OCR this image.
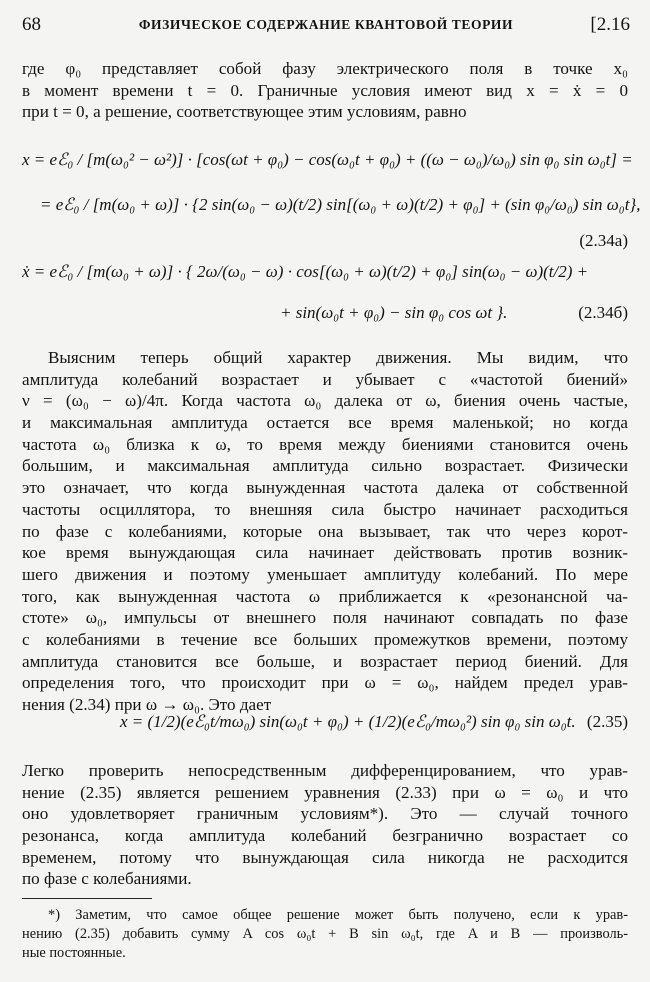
68	ФИЗИЧЕСКОЕ СОДЕРЖАНИЕ КВАНТОВОЙ ТЕОРИИ	[2.16
где φ₀ представляет собой фазу электрического поля в точке x₀
в момент времени t = 0. Граничные условия имеют вид x = ẋ = 0
при t = 0, а решение, соответствующее этим условиям, равно
x = eℰ₀ / [m(ω₀² − ω²)] · [cos(ωt + φ₀) − cos(ω₀t + φ₀) + ((ω − ω₀)/ω₀) sin φ₀ sin ω₀t] =
= eℰ₀ / [m(ω₀ + ω)] · {2 sin(ω₀ − ω)(t/2) sin[(ω₀ + ω)(t/2) + φ₀] + (sin φ₀/ω₀) sin ω₀t},
(2.34a)
ẋ = eℰ₀ / [m(ω₀ + ω)] · { 2ω/(ω₀ − ω) · cos[(ω₀ + ω)(t/2) + φ₀] sin(ω₀ − ω)(t/2) +
+ sin(ω₀t + φ₀) − sin φ₀ cos ωt }.	(2.34б)
Выясним теперь общий характер движения. Мы видим, что
амплитуда колебаний возрастает и убывает с «частотой биений»
ν = (ω₀ − ω)/4π. Когда частота ω₀ далека от ω, биения очень частые,
и максимальная амплитуда остается все время маленькой; но когда
частота ω₀ близка к ω, то время между биениями становится очень
большим, и максимальная амплитуда сильно возрастает. Физически
это означает, что когда вынужденная частота далека от собственной
частоты осциллятора, то внешняя сила быстро начинает расходиться
по фазе с колебаниями, которые она вызывает, так что через корот-
кое время вынуждающая сила начинает действовать против возник-
шего движения и поэтому уменьшает амплитуду колебаний. По мере
того, как вынужденная частота ω приближается к «резонансной ча-
стоте» ω₀, импульсы от внешнего поля начинают совпадать по фазе
с колебаниями в течение все больших промежутков времени, поэтому
амплитуда становится все больше, и возрастает период биений. Для
определения того, что происходит при ω = ω₀, найдем предел урав-
нения (2.34) при ω → ω₀. Это дает
x = (1/2)(eℰ₀t/mω₀) sin(ω₀t + φ₀) + (1/2)(eℰ₀/mω₀²) sin φ₀ sin ω₀t. (2.35)
Легко проверить непосредственным дифференцированием, что урав-
нение (2.35) является решением уравнения (2.33) при ω = ω₀ и что
оно удовлетворяет граничным условиям*). Это — случай точного
резонанса, когда амплитуда колебаний безгранично возрастает со
временем, потому что вынуждающая сила никогда не расходится
по фазе с колебаниями.
*) Заметим, что самое общее решение может быть получено, если к урав-
нению (2.35) добавить сумму A cos ω₀t + B sin ω₀t, где A и B — произволь-
ные постоянные.
